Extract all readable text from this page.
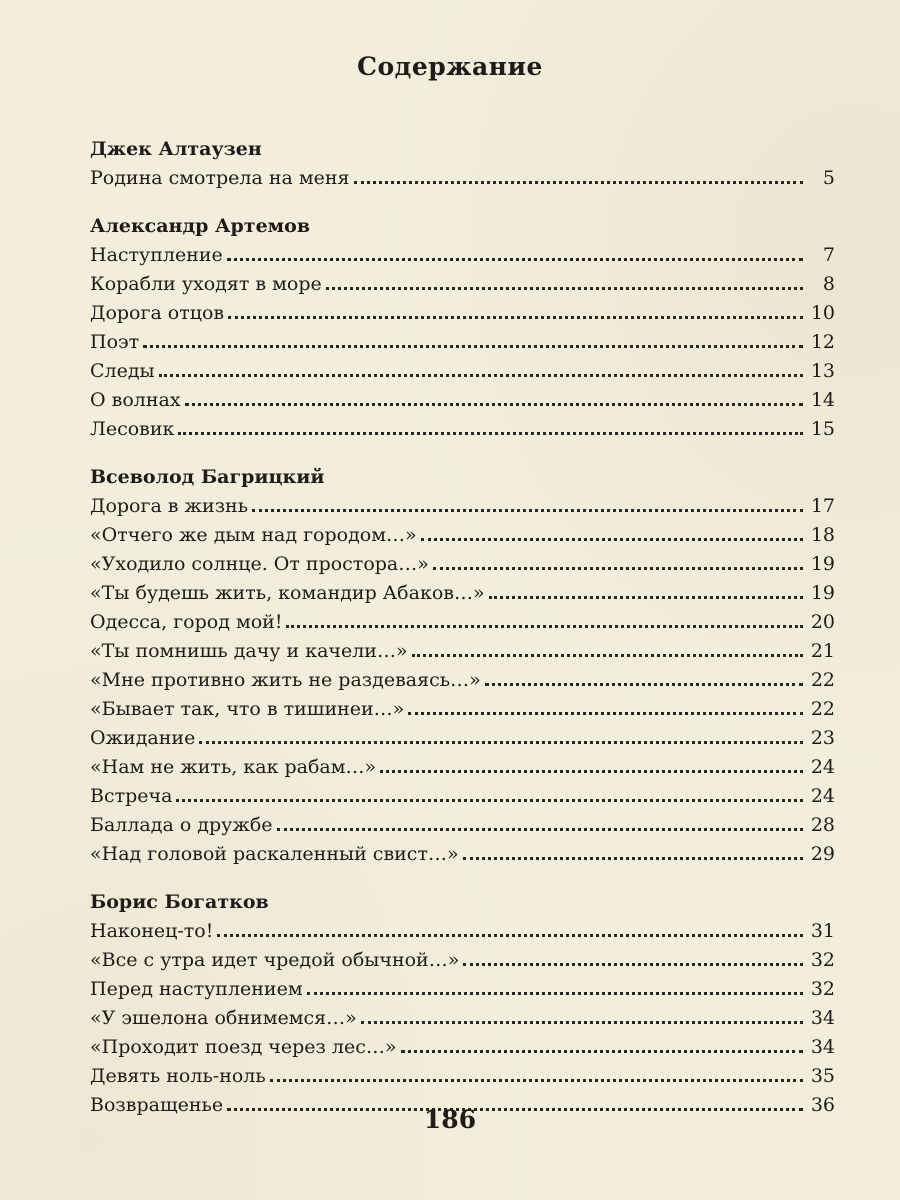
Содержание
Джек Алтаузен
Родина смотрела на меня	5
Александр Артемов
Наступление	7
Корабли уходят в море	8
Дорога отцов	10
Поэт	12
Следы	13
О волнах	14
Лесовик	15
Всеволод Багрицкий
Дорога в жизнь	17
«Отчего же дым над городом…»	18
«Уходило солнце. От простора…»	19
«Ты будешь жить, командир Абаков…»	19
Одесса, город мой!	20
«Ты помнишь дачу и качели…»	21
«Мне противно жить не раздеваясь…»	22
«Бывает так, что в тишинеи…»	22
Ожидание	23
«Нам не жить, как рабам…»	24
Встреча	24
Баллада о дружбе	28
«Над головой раскаленный свист…»	29
Борис Богатков
Наконец-то!	31
«Все с утра идет чредой обычной…»	32
Перед наступлением	32
«У эшелона обнимемся…»	34
«Проходит поезд через лес…»	34
Девять ноль-ноль	35
Возвращенье	36
186
